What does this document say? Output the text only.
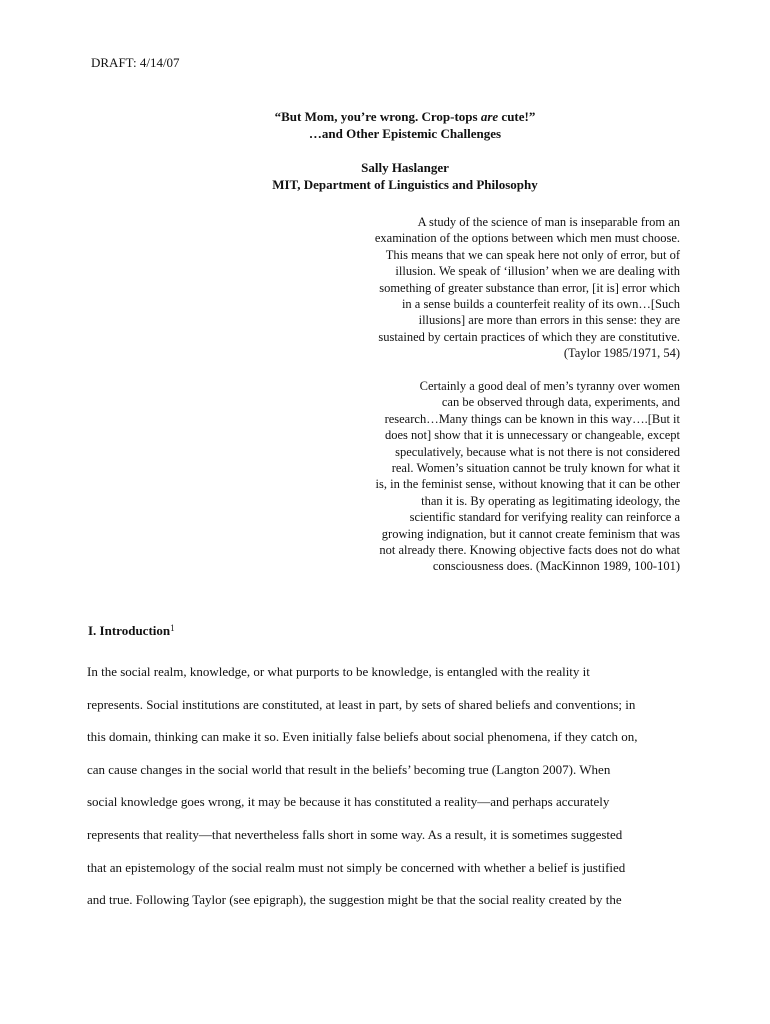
DRAFT: 4/14/07
“But Mom, you’re wrong. Crop-tops are cute!”
…and Other Epistemic Challenges
Sally Haslanger
MIT, Department of Linguistics and Philosophy
A study of the science of man is inseparable from an
examination of the options between which men must choose.
This means that we can speak here not only of error, but of
illusion. We speak of ‘illusion’ when we are dealing with
something of greater substance than error, [it is] error which
in a sense builds a counterfeit reality of its own…[Such
illusions] are more than errors in this sense: they are
sustained by certain practices of which they are constitutive.
(Taylor 1985/1971, 54)
Certainly a good deal of men’s tyranny over women
can be observed through data, experiments, and
research…Many things can be known in this way….[But it
does not] show that it is unnecessary or changeable, except
speculatively, because what is not there is not considered
real. Women’s situation cannot be truly known for what it
is, in the feminist sense, without knowing that it can be other
than it is. By operating as legitimating ideology, the
scientific standard for verifying reality can reinforce a
growing indignation, but it cannot create feminism that was
not already there. Knowing objective facts does not do what
consciousness does. (MacKinnon 1989, 100-101)
I. Introduction$^1$
In the social realm, knowledge, or what purports to be knowledge, is entangled with the reality it
represents. Social institutions are constituted, at least in part, by sets of shared beliefs and conventions; in
this domain, thinking can make it so. Even initially false beliefs about social phenomena, if they catch on,
can cause changes in the social world that result in the beliefs’ becoming true (Langton 2007). When
social knowledge goes wrong, it may be because it has constituted a reality—and perhaps accurately
represents that reality—that nevertheless falls short in some way. As a result, it is sometimes suggested
that an epistemology of the social realm must not simply be concerned with whether a belief is justified
and true. Following Taylor (see epigraph), the suggestion might be that the social reality created by the
